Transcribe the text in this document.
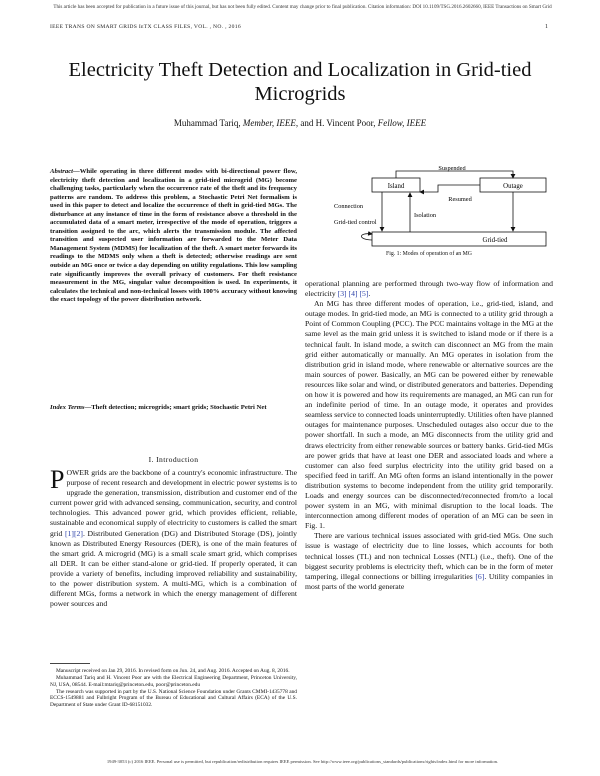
This article has been accepted for publication in a future issue of this journal, but has not been fully edited. Content may change prior to final publication. Citation information: DOI 10.1109/TSG.2016.2602660, IEEE Transactions on Smart Grid
IEEE TRANS ON SMART GRIDS IᴇTX CLASS FILES, VOL. , NO. , 2016	1
Electricity Theft Detection and Localization in Grid-tied Microgrids
Muhammad Tariq, Member, IEEE, and H. Vincent Poor, Fellow, IEEE
Abstract—While operating in three different modes with bi-directional power flow, electricity theft detection and localization in a grid-tied microgrid (MG) become challenging tasks, particularly when the occurrence rate of the theft and its frequency patterns are random. To address this problem, a Stochastic Petri Net formalism is used in this paper to detect and localize the occurrence of theft in grid-tied MGs. The disturbance at any instance of time in the form of resistance above a threshold in the accumulated data of a smart meter, irrespective of the mode of operation, triggers a transition assigned to the arc, which alerts the transmission module. The affected transition and suspected user information are forwarded to the Meter Data Management System (MDMS) for localization of the theft. A smart meter forwards its readings to the MDMS only when a theft is detected; otherwise readings are sent outside an MG once or twice a day depending on utility regulations. This low sampling rate significantly improves the overall privacy of customers. For theft resistance measurement in the MG, singular value decomposition is used. In experiments, it calculates the technical and non-technical losses with 100% accuracy without knowing the exact topology of the power distribution network.
Index Terms—Theft detection; microgrids; smart grids; Stochastic Petri Net
I. Introduction
POWER grids are the backbone of a country's economic infrastructure. The purpose of recent research and development in electric power systems is to upgrade the generation, transmission, distribution and customer end of the current power grid with advanced sensing, communication, security, and control technologies. This advanced power grid, which provides efficient, reliable, sustainable and economical supply of electricity to customers is called the smart grid [1][2]. Distributed Generation (DG) and Distributed Storage (DS), jointly known as Distributed Energy Resources (DER), is one of the main features of the smart grid. A microgrid (MG) is a small scale smart grid, which comprises all DER. It can be either stand-alone or grid-tied. If properly operated, it can provide a variety of benefits, including improved reliability and sustainability, to the power distribution system. A multi-MG, which is a combination of different MGs, forms a network in which the energy management of different power sources and

Manuscript received on Jan 29, 2016. In revised form on Jun. 24, and Aug. 2016. Accepted on Aug. 8, 2016.

Muhammad Tariq and H. Vincent Poor are with the Electrical Engineering Department, Princeton University, NJ, USA, 08544. E-mail:mtariq@princeton.edu, poor@princeton.edu

The research was supported in part by the U.S. National Science Foundation under Grants CMMI-1435778 and ECCS-1549881 and Fulbright Program of the Bureau of Educational and Cultural Affairs (ECA) of the U.S. Department of State under Grant ID-68151032.

Island	Outage
Grid-tied
Suspended
Resumed
Isolation
Connection
Grid-tied control
Fig. 1: Modes of operation of an MG

operational planning are performed through two-way flow of information and electricity [3] [4] [5].

An MG has three different modes of operation, i.e., grid-tied, island, and outage modes. In grid-tied mode, an MG is connected to a utility grid through a Point of Common Coupling (PCC). The PCC maintains voltage in the MG at the same level as the main grid unless it is switched to island mode or if there is a technical fault. In island mode, a switch can disconnect an MG from the main grid either automatically or manually. An MG operates in isolation from the distribution grid in island mode, where renewable or alternative sources are the main sources of power. Basically, an MG can be powered either by renewable resources like solar and wind, or distributed generators and batteries. Depending on how it is powered and how its requirements are managed, an MG can run for an indefinite period of time. In an outage mode, it operates and provides seamless service to connected loads uninterruptedly. Utilities often have planned outages for maintenance purposes. Unscheduled outages also occur due to the power shortfall. In such a mode, an MG disconnects from the utility grid and draws electricity from either renewable sources or battery banks. Grid-tied MGs are power grids that have at least one DER and associated loads and where a customer can also feed surplus electricity into the utility grid based on a specified feed in tariff. An MG often forms an island intentionally in the power distribution systems to become independent from the utility grid temporarily. Loads and energy sources can be disconnected/reconnected from/to a local power system in an MG, with minimal disruption to the local loads. The interconnection among different modes of operation of an MG can be seen in Fig. 1.

There are various technical issues associated with grid-tied MGs. One such issue is wastage of electricity due to line losses, which accounts for both technical losses (TL) and non technical Losses (NTL) (i.e., theft). One of the biggest security problems is electricity theft, which can be in the form of meter tampering, illegal connections or billing irregularities [6]. Utility companies in most parts of the world generate

1949-3053 (c) 2016 IEEE. Personal use is permitted, but republication/redistribution requires IEEE permission. See http://www.ieee.org/publications_standards/publications/rights/index.html for more information.
